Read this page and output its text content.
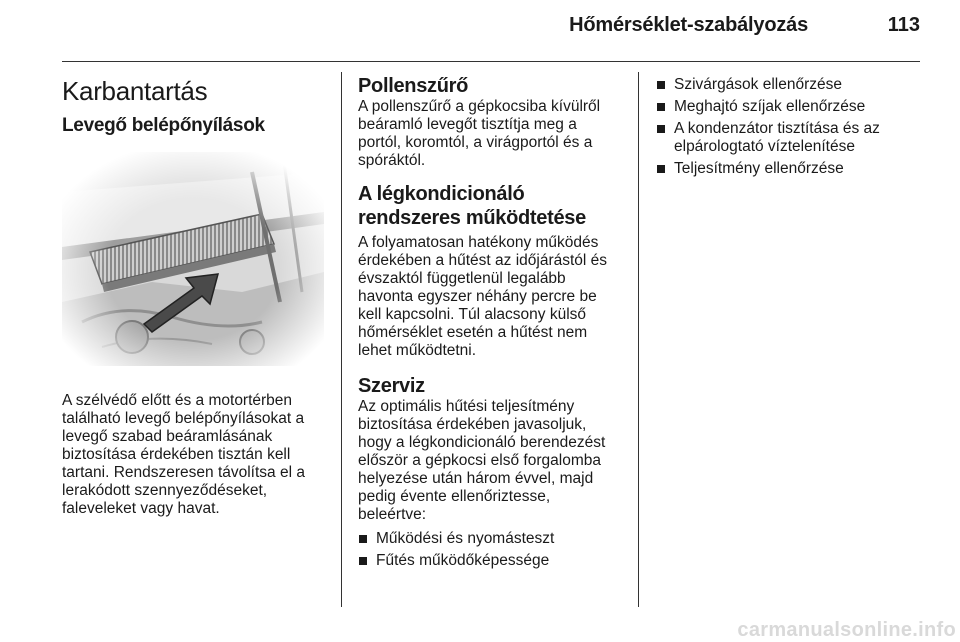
Hőmérséklet-szabályozás	113
Karbantartás
Levegő belépőnyílások

A szélvédő előtt és a motortérben található levegő belépőnyílásokat a levegő szabad beáramlásának biztosítása érdekében tisztán kell tartani. Rendszeresen távolítsa el a lerakódott szennyeződéseket, faleveleket vagy havat.

Pollenszűrő

A pollenszűrő a gépkocsiba kívülről beáramló levegőt tisztítja meg a portól, koromtól, a virágportól és a spóráktól.

A légkondicionáló rendszeres működtetése

A folyamatosan hatékony működés érdekében a hűtést az időjárástól és évszaktól függetlenül legalább havonta egyszer néhány percre be kell kapcsolni. Túl alacsony külső hőmérséklet esetén a hűtést nem lehet működtetni.

Szerviz

Az optimális hűtési teljesítmény biztosítása érdekében javasoljuk, hogy a légkondicionáló berendezést először a gépkocsi első forgalomba helyezése után három évvel, majd pedig évente ellenőriztesse, beleértve:

Működési és nyomásteszt
Fűtés működőképessége
Szivárgások ellenőrzése
Meghajtó szíjak ellenőrzése
A kondenzátor tisztítása és az elpárologtató víztelenítése
Teljesítmény ellenőrzése
carmanualsonline.info
